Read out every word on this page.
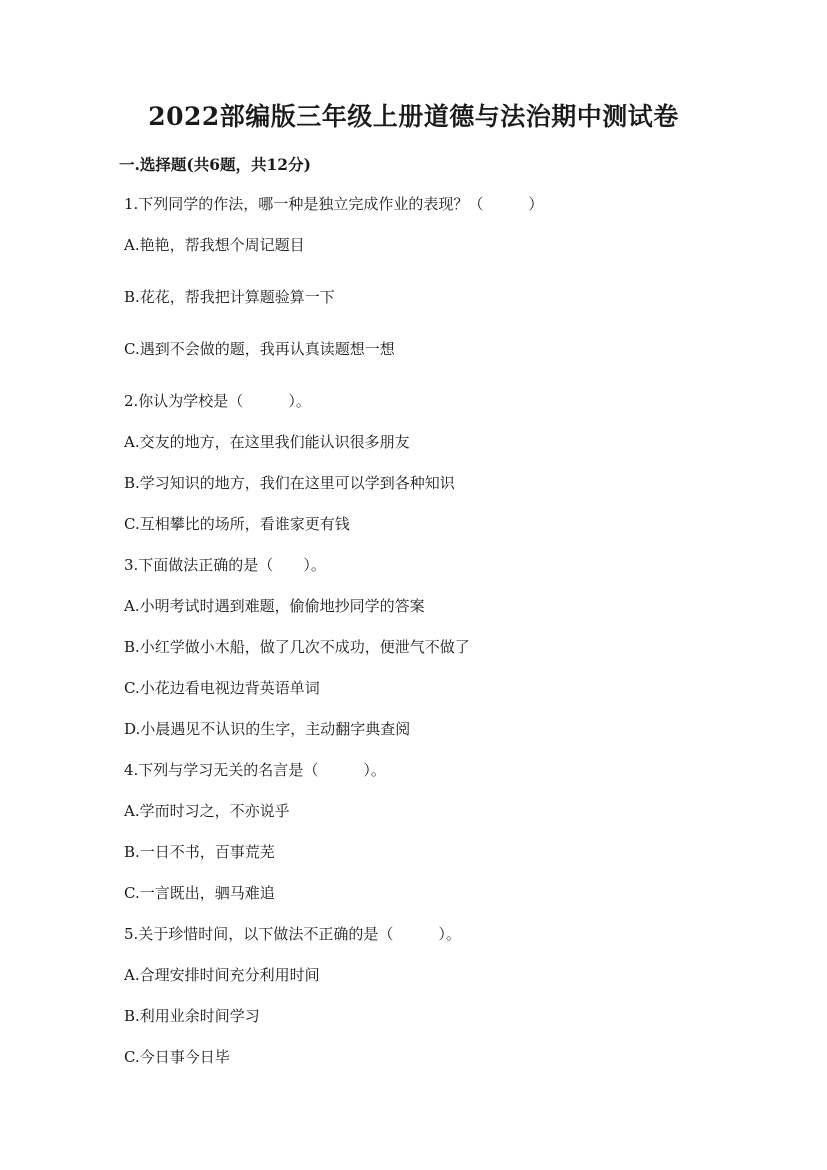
2022部编版三年级上册道德与法治期中测试卷
一.选择题(共6题，共12分)
1.下列同学的作法，哪一种是独立完成作业的表现？（　　　）
A.艳艳，帮我想个周记题目
B.花花，帮我把计算题验算一下
C.遇到不会做的题，我再认真读题想一想
2.你认为学校是（　　　）。
A.交友的地方，在这里我们能认识很多朋友
B.学习知识的地方，我们在这里可以学到各种知识
C.互相攀比的场所，看谁家更有钱
3.下面做法正确的是（　　）。
A.小明考试时遇到难题，偷偷地抄同学的答案
B.小红学做小木船，做了几次不成功，便泄气不做了
C.小花边看电视边背英语单词
D.小晨遇见不认识的生字，主动翻字典查阅
4.下列与学习无关的名言是（　　　）。
A.学而时习之，不亦说乎
B.一日不书，百事荒芜
C.一言既出，驷马难追
5.关于珍惜时间，以下做法不正确的是（　　　）。
A.合理安排时间充分利用时间
B.利用业余时间学习
C.今日事今日毕
